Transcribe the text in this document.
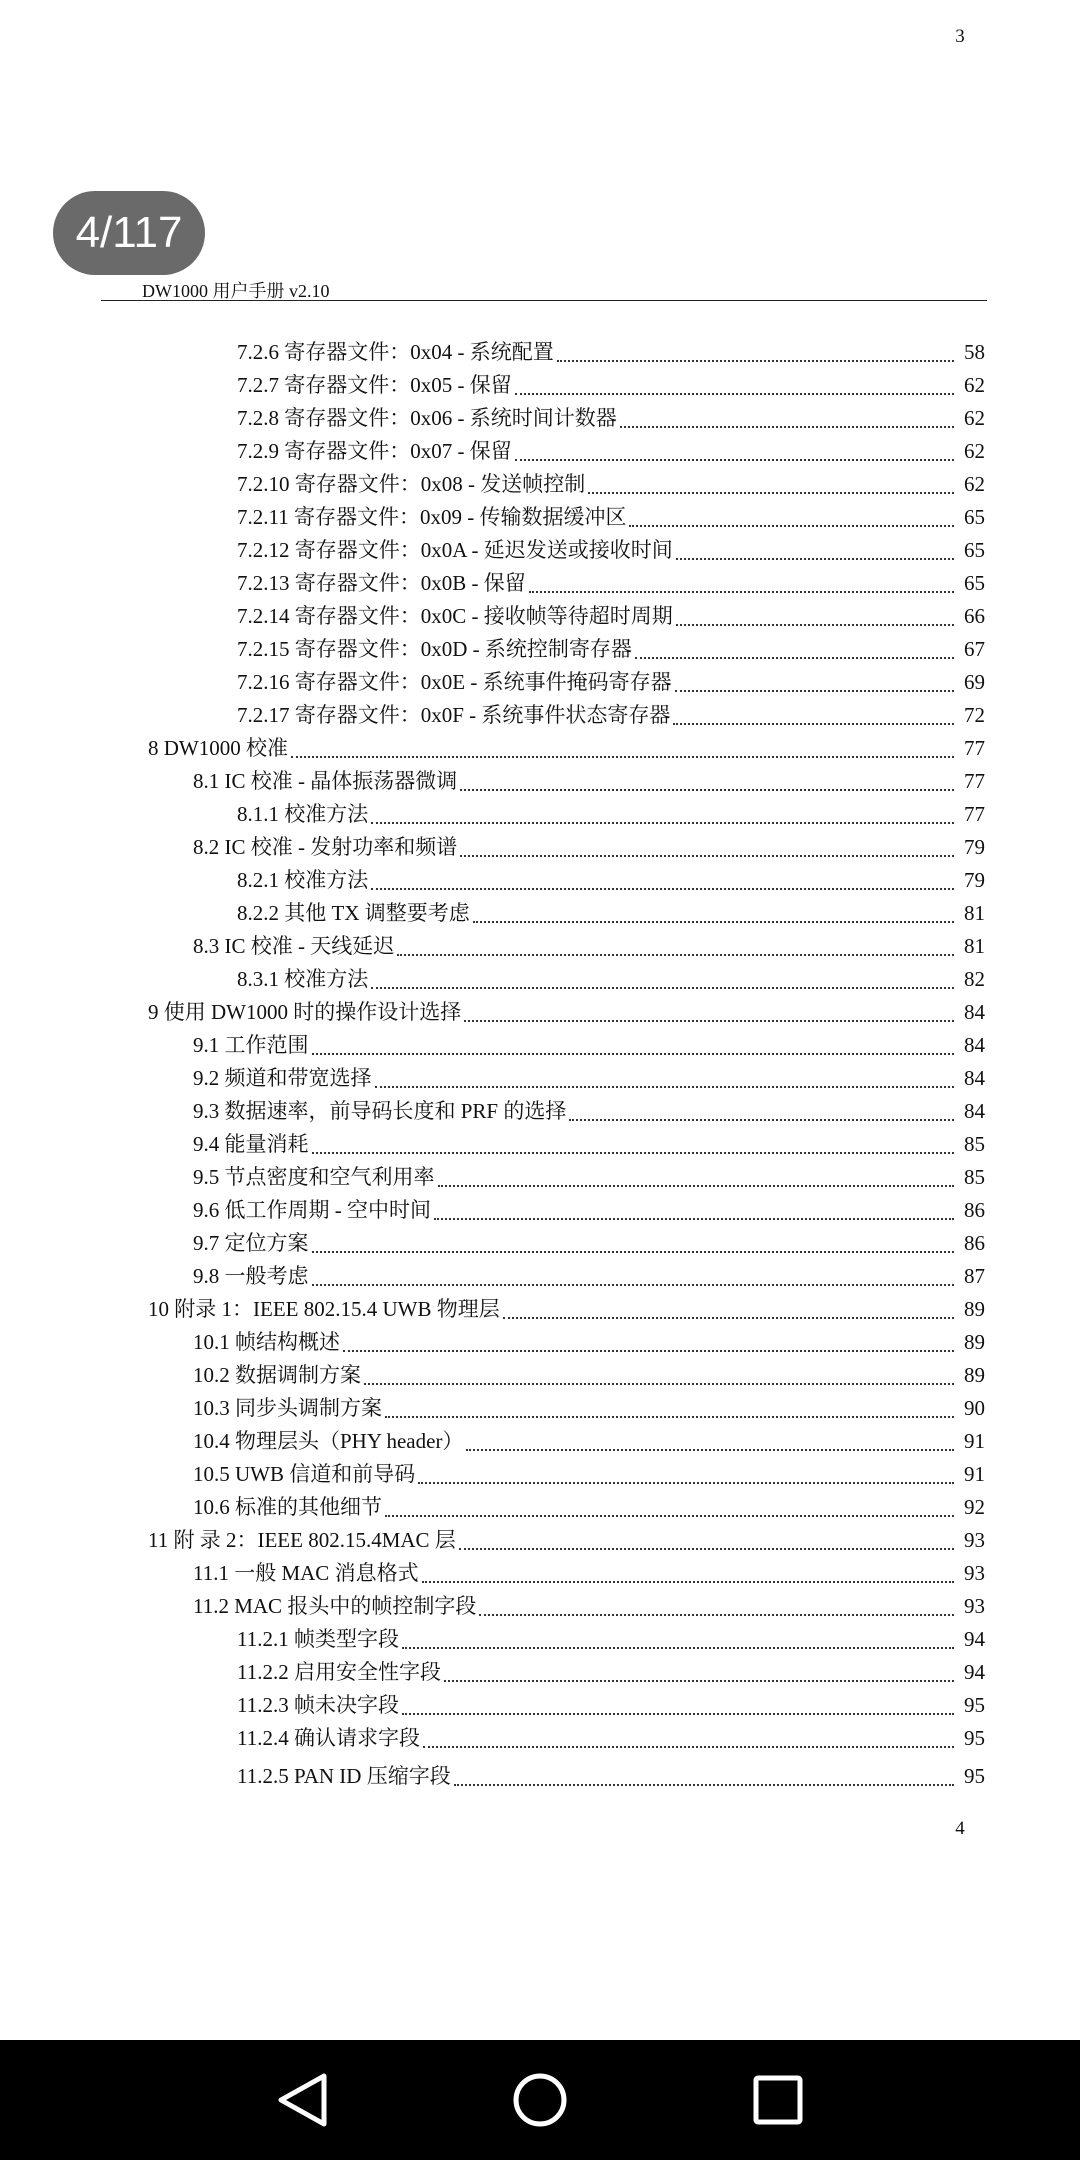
3
4/117
DW1000 用户手册 v2.10
7.2.6 寄存器文件：0x04 - 系统配置	58
7.2.7 寄存器文件：0x05 - 保留	62
7.2.8 寄存器文件：0x06 - 系统时间计数器	62
7.2.9 寄存器文件：0x07 - 保留	62
7.2.10 寄存器文件：0x08 - 发送帧控制	62
7.2.11 寄存器文件：0x09 - 传输数据缓冲区	65
7.2.12 寄存器文件：0x0A - 延迟发送或接收时间	65
7.2.13 寄存器文件：0x0B - 保留	65
7.2.14 寄存器文件：0x0C - 接收帧等待超时周期	66
7.2.15 寄存器文件：0x0D - 系统控制寄存器	67
7.2.16 寄存器文件：0x0E - 系统事件掩码寄存器	69
7.2.17 寄存器文件：0x0F - 系统事件状态寄存器	72
8 DW1000 校准	77
8.1 IC 校准 - 晶体振荡器微调	77
8.1.1 校准方法	77
8.2 IC 校准 - 发射功率和频谱	79
8.2.1 校准方法	79
8.2.2 其他 TX 调整要考虑	81
8.3 IC 校准 - 天线延迟	81
8.3.1 校准方法	82
9 使用 DW1000 时的操作设计选择	84
9.1 工作范围	84
9.2 频道和带宽选择	84
9.3 数据速率，前导码长度和 PRF 的选择	84
9.4 能量消耗	85
9.5 节点密度和空气利用率	85
9.6 低工作周期 - 空中时间	86
9.7 定位方案	86
9.8 一般考虑	87
10 附录 1：IEEE 802.15.4 UWB 物理层	89
10.1 帧结构概述	89
10.2 数据调制方案	89
10.3 同步头调制方案	90
10.4 物理层头（PHY header）	91
10.5 UWB 信道和前导码	91
10.6 标准的其他细节	92
11 附 录 2：IEEE 802.15.4MAC 层	93
11.1 一般 MAC 消息格式	93
11.2 MAC 报头中的帧控制字段	93
11.2.1 帧类型字段	94
11.2.2 启用安全性字段	94
11.2.3 帧未决字段	95
11.2.4 确认请求字段	95
11.2.5 PAN ID 压缩字段	95
4
